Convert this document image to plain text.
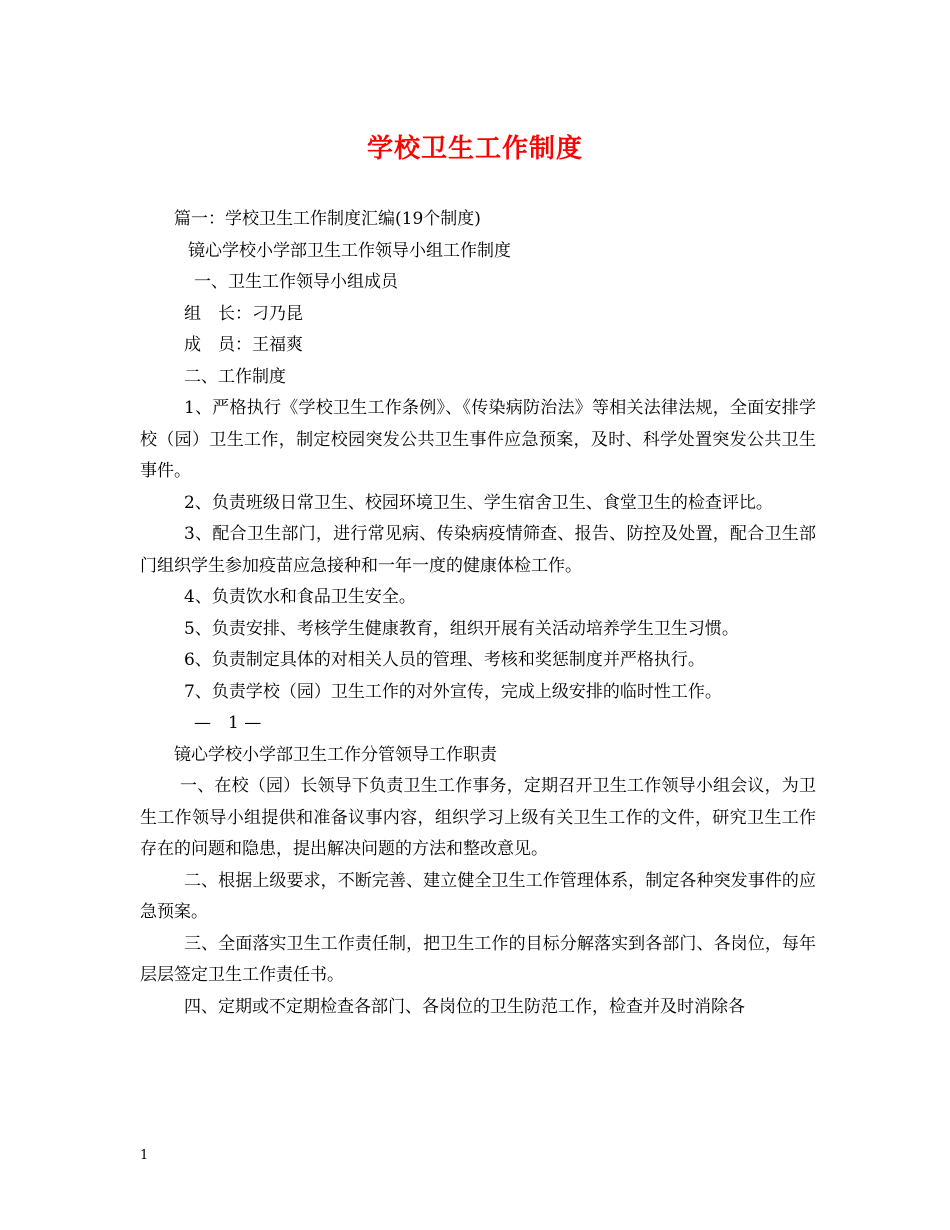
学校卫生工作制度

篇一：学校卫生工作制度汇编(19个制度)

镜心学校小学部卫生工作领导小组工作制度

一、卫生工作领导小组成员

组　长：刁乃昆

成　员：王福爽

二、工作制度

1、严格执行《学校卫生工作条例》、《传染病防治法》等相关法律法规，全面安排学校（园）卫生工作，制定校园突发公共卫生事件应急预案，及时、科学处置突发公共卫生事件。

2、负责班级日常卫生、校园环境卫生、学生宿舍卫生、食堂卫生的检查评比。

3、配合卫生部门，进行常见病、传染病疫情筛查、报告、防控及处置，配合卫生部门组织学生参加疫苗应急接种和一年一度的健康体检工作。

4、负责饮水和食品卫生安全。

5、负责安排、考核学生健康教育，组织开展有关活动培养学生卫生习惯。

6、负责制定具体的对相关人员的管理、考核和奖惩制度并严格执行。

7、负责学校（园）卫生工作的对外宣传，完成上级安排的临时性工作。

—　1 —

镜心学校小学部卫生工作分管领导工作职责

一、在校（园）长领导下负责卫生工作事务，定期召开卫生工作领导小组会议，为卫生工作领导小组提供和准备议事内容，组织学习上级有关卫生工作的文件，研究卫生工作存在的问题和隐患，提出解决问题的方法和整改意见。

二、根据上级要求，不断完善、建立健全卫生工作管理体系，制定各种突发事件的应急预案。

三、全面落实卫生工作责任制，把卫生工作的目标分解落实到各部门、各岗位，每年层层签定卫生工作责任书。

四、定期或不定期检查各部门、各岗位的卫生防范工作，检查并及时消除各

1
